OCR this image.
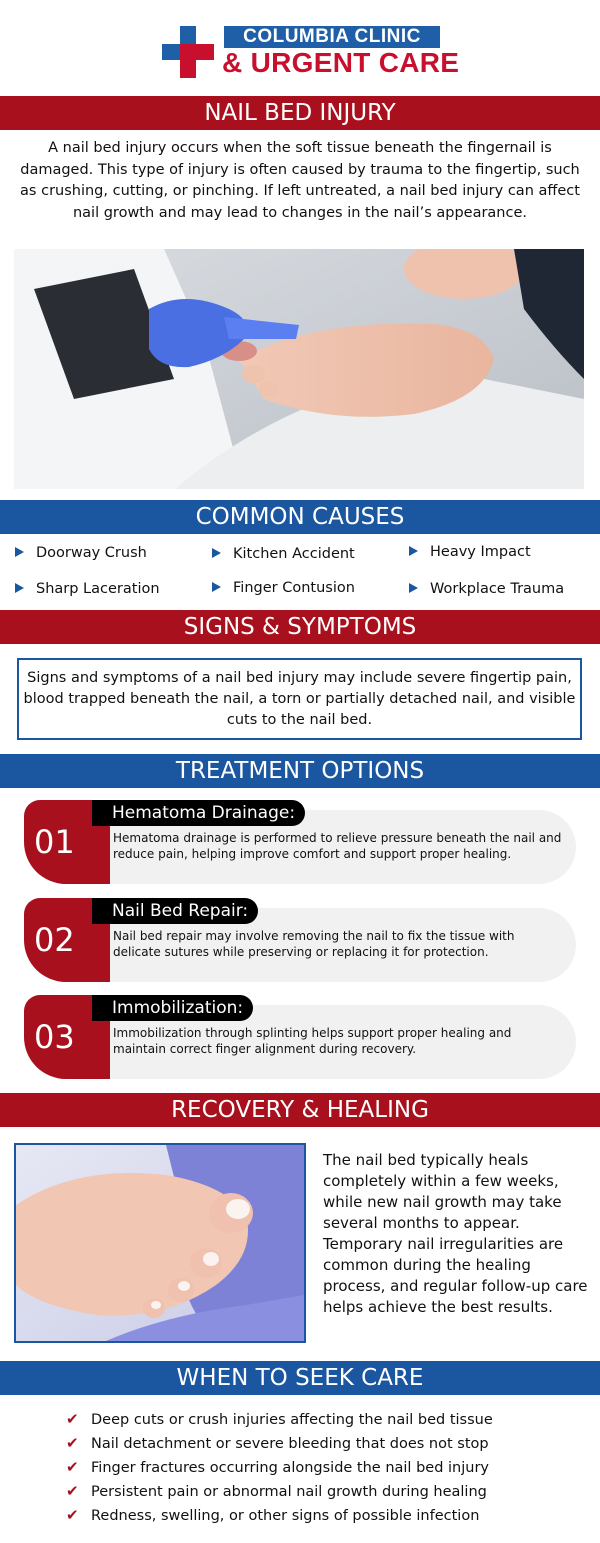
COLUMBIA CLINIC
& URGENT CARE
NAIL BED INJURY

A nail bed injury occurs when the soft tissue beneath the fingernail is damaged. This type of injury is often caused by trauma to the fingertip, such as crushing, cutting, or pinching. If left untreated, a nail bed injury can affect nail growth and may lead to changes in the nail’s appearance.

COMMON CAUSES
Doorway Crush	Kitchen Accident	Heavy Impact
Sharp Laceration	Finger Contusion	Workplace Trauma
SIGNS & SYMPTOMS
Signs and symptoms of a nail bed injury may include severe fingertip pain, blood trapped beneath the nail, a torn or partially detached nail, and visible cuts to the nail bed.
TREATMENT OPTIONS
01
Hematoma Drainage:
Hematoma drainage is performed to relieve pressure beneath the nail and reduce pain, helping improve comfort and support proper healing.
02
Nail Bed Repair:
Nail bed repair may involve removing the nail to fix the tissue with delicate sutures while preserving or replacing it for protection.
03
Immobilization:
Immobilization through splinting helps support proper healing and maintain correct finger alignment during recovery.
RECOVERY & HEALING

The nail bed typically heals completely within a few weeks, while new nail growth may take several months to appear. Temporary nail irregularities are common during the healing process, and regular follow-up care helps achieve the best results.

WHEN TO SEEK CARE
✔ Deep cuts or crush injuries affecting the nail bed tissue
✔ Nail detachment or severe bleeding that does not stop
✔ Finger fractures occurring alongside the nail bed injury
✔ Persistent pain or abnormal nail growth during healing
✔ Redness, swelling, or other signs of possible infection
